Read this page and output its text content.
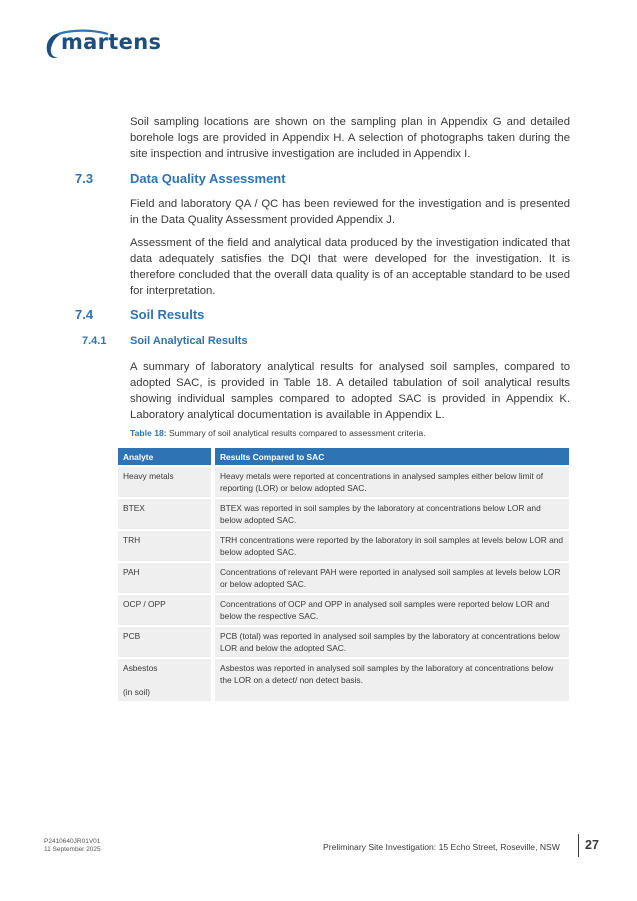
martens

Soil sampling locations are shown on the sampling plan in Appendix G and detailed borehole logs are provided in Appendix H. A selection of photographs taken during the site inspection and intrusive investigation are included in Appendix I.

7.3	Data Quality Assessment

Field and laboratory QA / QC has been reviewed for the investigation and is presented in the Data Quality Assessment provided Appendix J.

Assessment of the field and analytical data produced by the investigation indicated that data adequately satisfies the DQI that were developed for the investigation. It is therefore concluded that the overall data quality is of an acceptable standard to be used for interpretation.

7.4	Soil Results
7.4.1 Soil Analytical Results

A summary of laboratory analytical results for analysed soil samples, compared to adopted SAC, is provided in Table 18. A detailed tabulation of soil analytical results showing individual samples compared to adopted SAC is provided in Appendix K. Laboratory analytical documentation is available in Appendix L.

Table 18: Summary of soil analytical results compared to assessment criteria.
Analyte	Results Compared to SAC
Heavy metals	Heavy metals were reported at concentrations in analysed samples either below limit of reporting (LOR) or below adopted SAC.
BTEX	BTEX was reported in soil samples by the laboratory at concentrations below LOR and below adopted SAC.
TRH	TRH concentrations were reported by the laboratory in soil samples at levels below LOR and below adopted SAC.
PAH	Concentrations of relevant PAH were reported in analysed soil samples at levels below LOR or below adopted SAC.
OCP / OPP	Concentrations of OCP and OPP in analysed soil samples were reported below LOR and below the respective SAC.
PCB	PCB (total) was reported in analysed soil samples by the laboratory at concentrations below LOR and below the adopted SAC.
Asbestos

(in soil)	Asbestos was reported in analysed soil samples by the laboratory at concentrations below the LOR on a detect/ non detect basis.
P2410640JR01V01
11 September 2025	Preliminary Site Investigation: 15 Echo Street, Roseville, NSW 27
